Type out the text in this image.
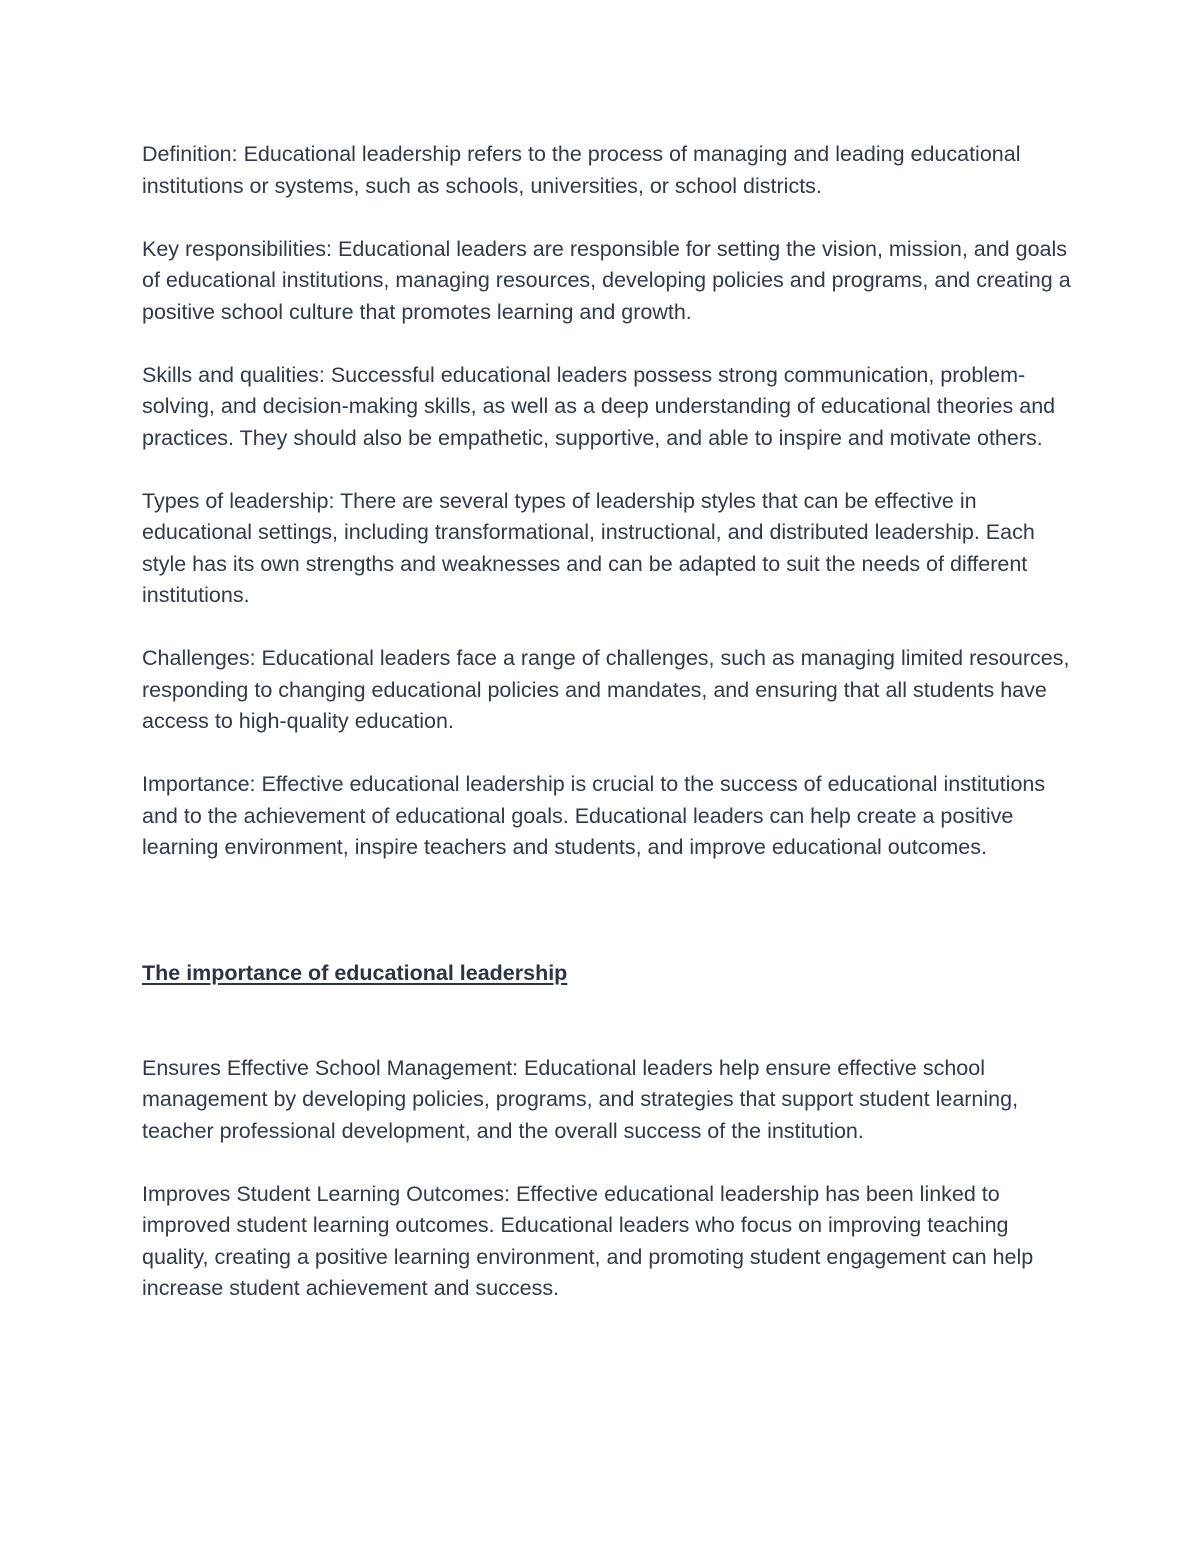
Definition: Educational leadership refers to the process of managing and leading educational institutions or systems, such as schools, universities, or school districts.

Key responsibilities: Educational leaders are responsible for setting the vision, mission, and goals of educational institutions, managing resources, developing policies and programs, and creating a positive school culture that promotes learning and growth.

Skills and qualities: Successful educational leaders possess strong communication, problem-solving, and decision-making skills, as well as a deep understanding of educational theories and practices. They should also be empathetic, supportive, and able to inspire and motivate others.

Types of leadership: There are several types of leadership styles that can be effective in educational settings, including transformational, instructional, and distributed leadership. Each style has its own strengths and weaknesses and can be adapted to suit the needs of different institutions.

Challenges: Educational leaders face a range of challenges, such as managing limited resources, responding to changing educational policies and mandates, and ensuring that all students have access to high-quality education.

Importance: Effective educational leadership is crucial to the success of educational institutions and to the achievement of educational goals. Educational leaders can help create a positive learning environment, inspire teachers and students, and improve educational outcomes.

The importance of educational leadership

Ensures Effective School Management: Educational leaders help ensure effective school management by developing policies, programs, and strategies that support student learning, teacher professional development, and the overall success of the institution.

Improves Student Learning Outcomes: Effective educational leadership has been linked to improved student learning outcomes. Educational leaders who focus on improving teaching quality, creating a positive learning environment, and promoting student engagement can help increase student achievement and success.
